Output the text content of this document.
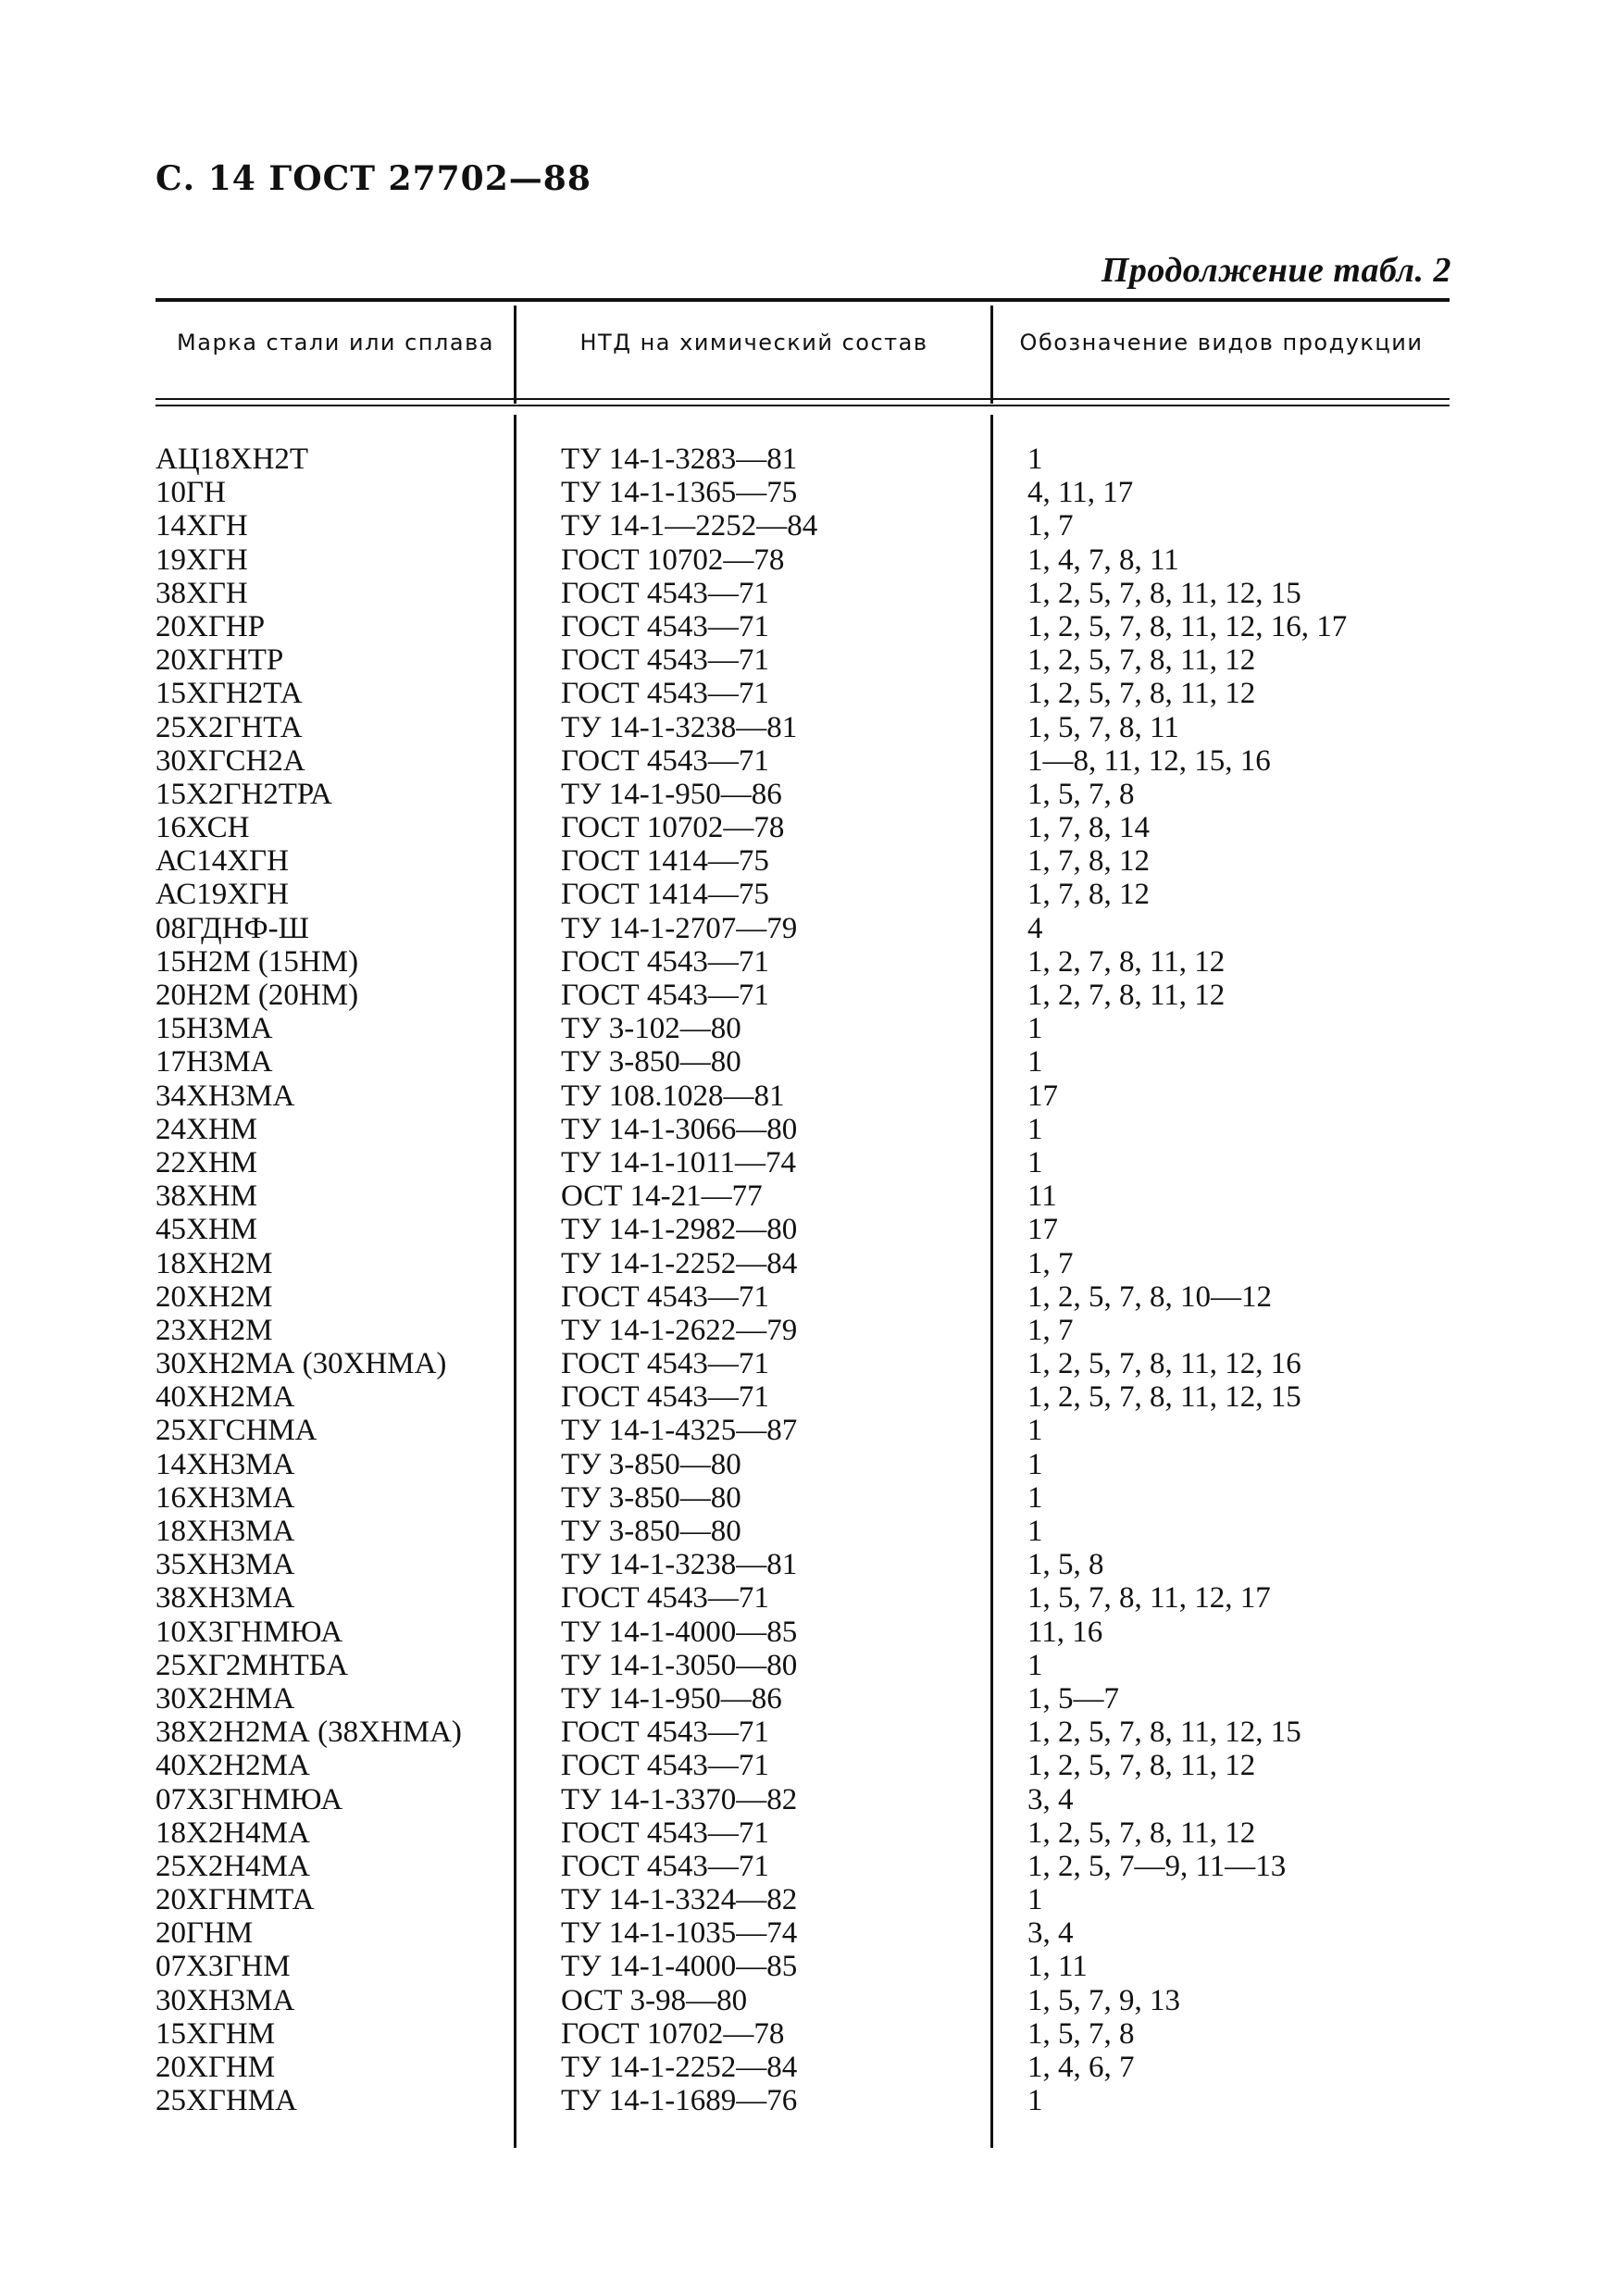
С. 14 ГОСТ 27702—88
Продолжение табл. 2
Марка стали или сплава	НТД на химический состав	Обозначение видов продукции
АЦ18ХН2Т	ТУ 14-1-3283—81	1
10ГН	ТУ 14-1-1365—75	4, 11, 17
14ХГН	ТУ 14-1—2252—84	1, 7
19ХГН	ГОСТ 10702—78	1, 4, 7, 8, 11
38ХГН	ГОСТ 4543—71	1, 2, 5, 7, 8, 11, 12, 15
20ХГНР	ГОСТ 4543—71	1, 2, 5, 7, 8, 11, 12, 16, 17
20ХГНТР	ГОСТ 4543—71	1, 2, 5, 7, 8, 11, 12
15ХГН2ТА	ГОСТ 4543—71	1, 2, 5, 7, 8, 11, 12
25Х2ГНТА	ТУ 14-1-3238—81	1, 5, 7, 8, 11
30ХГСН2А	ГОСТ 4543—71	1—8, 11, 12, 15, 16
15Х2ГН2ТРА	ТУ 14-1-950—86	1, 5, 7, 8
16ХСН	ГОСТ 10702—78	1, 7, 8, 14
АС14ХГН	ГОСТ 1414—75	1, 7, 8, 12
АС19ХГН	ГОСТ 1414—75	1, 7, 8, 12
08ГДНФ-Ш	ТУ 14-1-2707—79	4
15Н2М (15НМ)	ГОСТ 4543—71	1, 2, 7, 8, 11, 12
20Н2М (20НМ)	ГОСТ 4543—71	1, 2, 7, 8, 11, 12
15Н3МА	ТУ 3-102—80	1
17Н3МА	ТУ 3-850—80	1
34ХН3МА	ТУ 108.1028—81	17
24ХНМ	ТУ 14-1-3066—80	1
22ХНМ	ТУ 14-1-1011—74	1
38ХНМ	ОСТ 14-21—77	11
45ХНМ	ТУ 14-1-2982—80	17
18ХН2М	ТУ 14-1-2252—84	1, 7
20ХН2М	ГОСТ 4543—71	1, 2, 5, 7, 8, 10—12
23ХН2М	ТУ 14-1-2622—79	1, 7
30ХН2МА (30ХНМА)	ГОСТ 4543—71	1, 2, 5, 7, 8, 11, 12, 16
40ХН2МА	ГОСТ 4543—71	1, 2, 5, 7, 8, 11, 12, 15
25ХГСНМА	ТУ 14-1-4325—87	1
14ХН3МА	ТУ 3-850—80	1
16ХН3МА	ТУ 3-850—80	1
18ХН3МА	ТУ 3-850—80	1
35ХН3МА	ТУ 14-1-3238—81	1, 5, 8
38ХН3МА	ГОСТ 4543—71	1, 5, 7, 8, 11, 12, 17
10Х3ГНМЮА	ТУ 14-1-4000—85	11, 16
25ХГ2МНТБА	ТУ 14-1-3050—80	1
30Х2НМА	ТУ 14-1-950—86	1, 5—7
38Х2Н2МА (38ХНМА)	ГОСТ 4543—71	1, 2, 5, 7, 8, 11, 12, 15
40Х2Н2МА	ГОСТ 4543—71	1, 2, 5, 7, 8, 11, 12
07Х3ГНМЮА	ТУ 14-1-3370—82	3, 4
18Х2Н4МА	ГОСТ 4543—71	1, 2, 5, 7, 8, 11, 12
25Х2Н4МА	ГОСТ 4543—71	1, 2, 5, 7—9, 11—13
20ХГНМТА	ТУ 14-1-3324—82	1
20ГНМ	ТУ 14-1-1035—74	3, 4
07Х3ГНМ	ТУ 14-1-4000—85	1, 11
30ХН3МА	ОСТ 3-98—80	1, 5, 7, 9, 13
15ХГНМ	ГОСТ 10702—78	1, 5, 7, 8
20ХГНМ	ТУ 14-1-2252—84	1, 4, 6, 7
25ХГНМА	ТУ 14-1-1689—76	1
